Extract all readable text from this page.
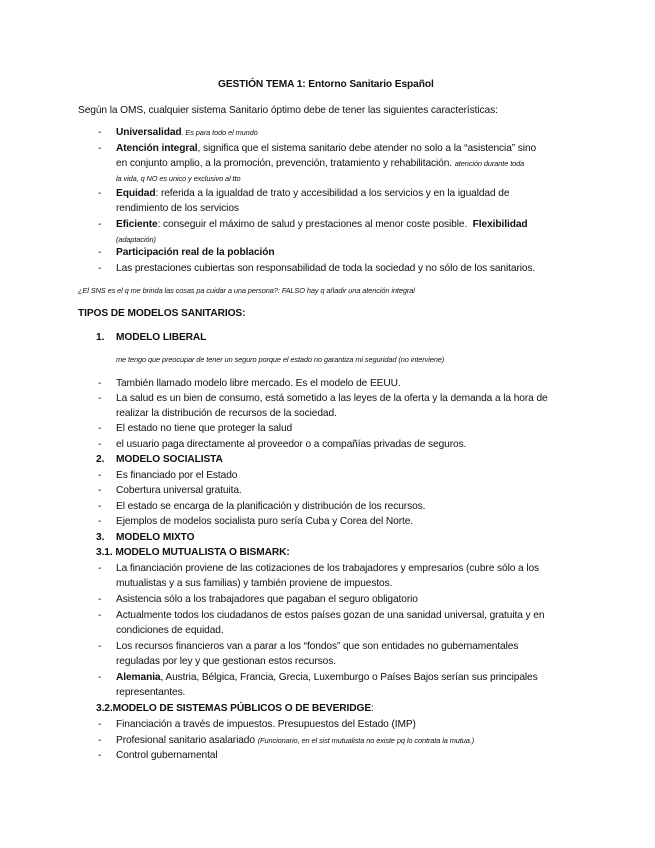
GESTIÓN TEMA 1: Entorno Sanitario Español
Según la OMS, cualquier sistema Sanitario óptimo debe de tener las siguientes características:
- Universalidad. Es para todo el mundo
- Atención integral, significa que el sistema sanitario debe atender no solo a la “asistencia” sino
en conjunto amplio, a la promoción, prevención, tratamiento y rehabilitación. atención durante toda
la vida, q NO es unico y exclusivo al tto
- Equidad: referida a la igualdad de trato y accesibilidad a los servicios y en la igualdad de
rendimiento de los servicios
- Eficiente: conseguir el máximo de salud y prestaciones al menor coste posible. Flexibilidad
(adaptación)
- Participación real de la población
- Las prestaciones cubiertas son responsabilidad de toda la sociedad y no sólo de los sanitarios.
¿El SNS es el q me brinda las cosas pa cuidar a una persona?: FALSO hay q añadir una atención integral
TIPOS DE MODELOS SANITARIOS:
1. MODELO LIBERAL
me tengo que preocupar de tener un seguro porque el estado no garantiza mi seguridad (no interviene)
- También llamado modelo libre mercado. Es el modelo de EEUU.
- La salud es un bien de consumo, está sometido a las leyes de la oferta y la demanda a la hora de
realizar la distribución de recursos de la sociedad.
- El estado no tiene que proteger la salud
- el usuario paga directamente al proveedor o a compañías privadas de seguros.
2. MODELO SOCIALISTA
- Es financiado por el Estado
- Cobertura universal gratuita.
- El estado se encarga de la planificación y distribución de los recursos.
- Ejemplos de modelos socialista puro sería Cuba y Corea del Norte.
3. MODELO MIXTO
3.1. MODELO MUTUALISTA O BISMARK:
- La financiación proviene de las cotizaciones de los trabajadores y empresarios (cubre sólo a los
mutualistas y a sus familias) y también proviene de impuestos.
- Asistencia sólo a los trabajadores que pagaban el seguro obligatorio
- Actualmente todos los ciudadanos de estos países gozan de una sanidad universal, gratuita y en
condiciones de equidad.
- Los recursos financieros van a parar a los “fondos” que son entidades no gubernamentales
reguladas por ley y que gestionan estos recursos.
- Alemania, Austria, Bélgica, Francia, Grecia, Luxemburgo o Países Bajos serían sus principales
representantes.
3.2.MODELO DE SISTEMAS PÚBLICOS O DE BEVERIDGE:
- Financiación a través de impuestos. Presupuestos del Estado (IMP)
- Profesional sanitario asalariado (Funcionario, en el sist mutualista no existe pq lo contrata la mutua.)
- Control gubernamental
